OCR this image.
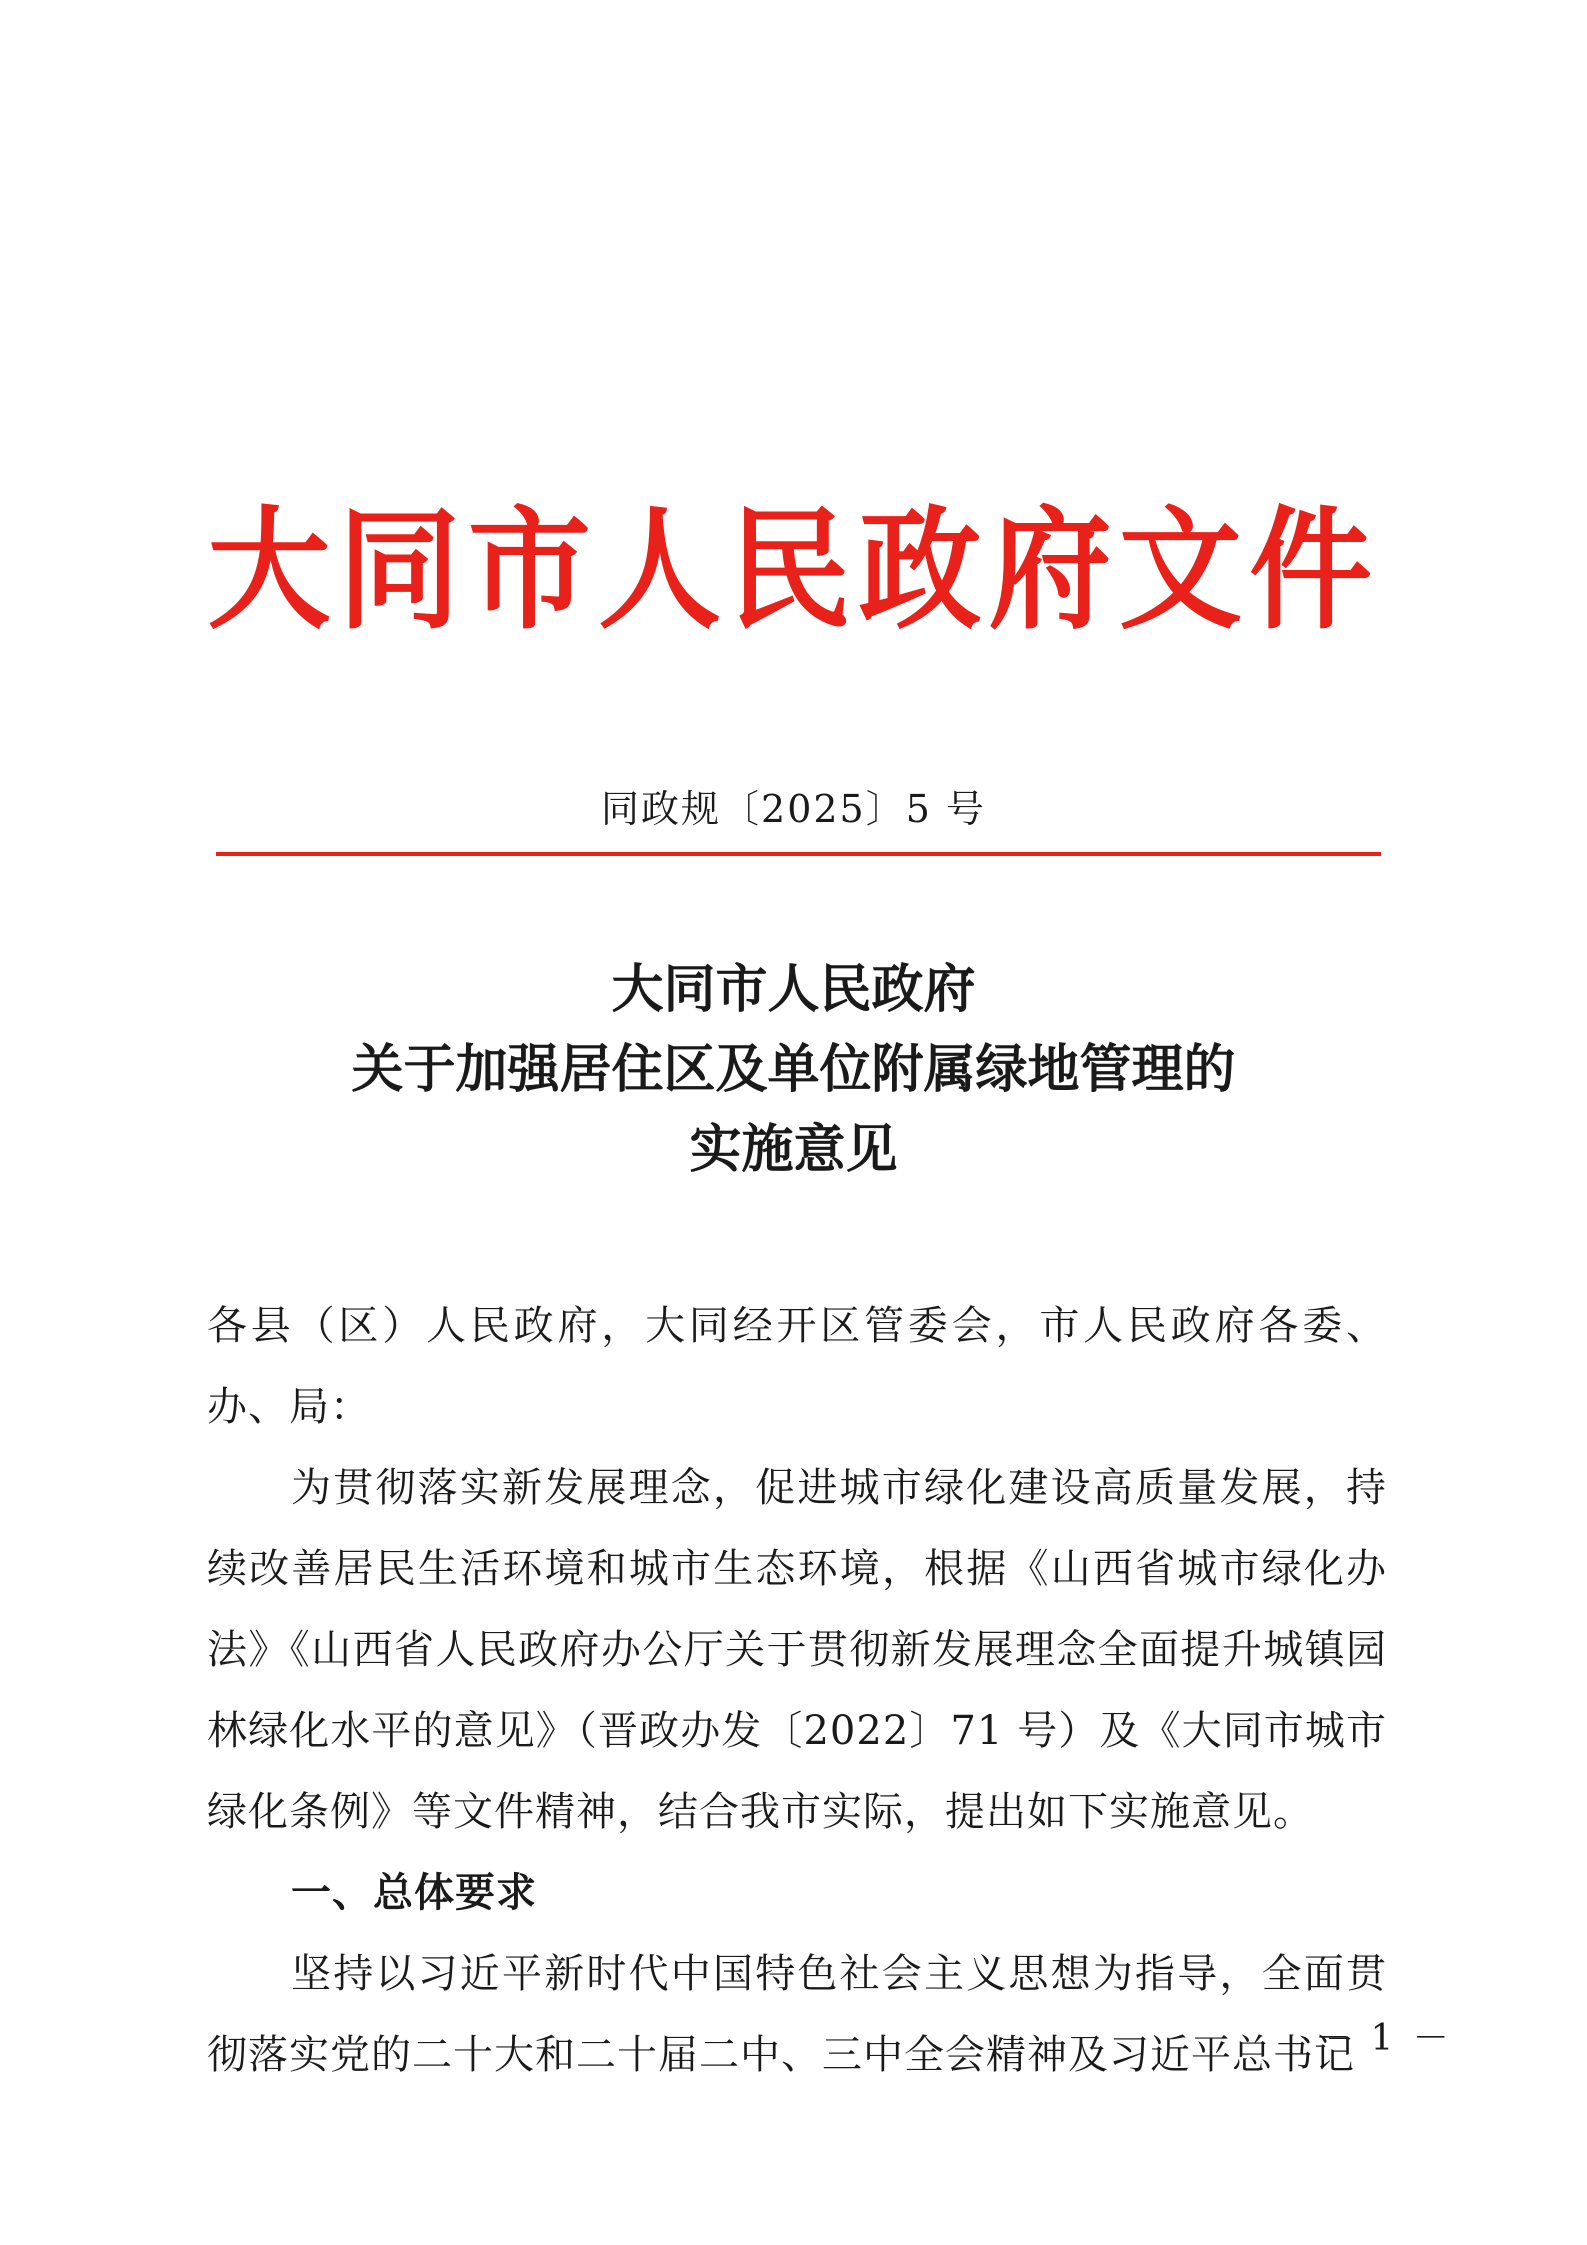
大同市人民政府文件
同政规〔2025〕5 号
大同市人民政府
关于加强居住区及单位附属绿地管理的
实施意见

各县（区）人民政府，大同经开区管委会，市人民政府各委、办、局：

为贯彻落实新发展理念，促进城市绿化建设高质量发展，持续改善居民生活环境和城市生态环境，根据《山西省城市绿化办法》《山西省人民政府办公厅关于贯彻新发展理念全面提升城镇园林绿化水平的意见》（晋政办发〔2022〕71 号）及《大同市城市绿化条例》等文件精神，结合我市实际，提出如下实施意见。

一、总体要求

坚持以习近平新时代中国特色社会主义思想为指导，全面贯彻落实党的二十大和二十届二中、三中全会精神及习近平总书记

－ 1 －
